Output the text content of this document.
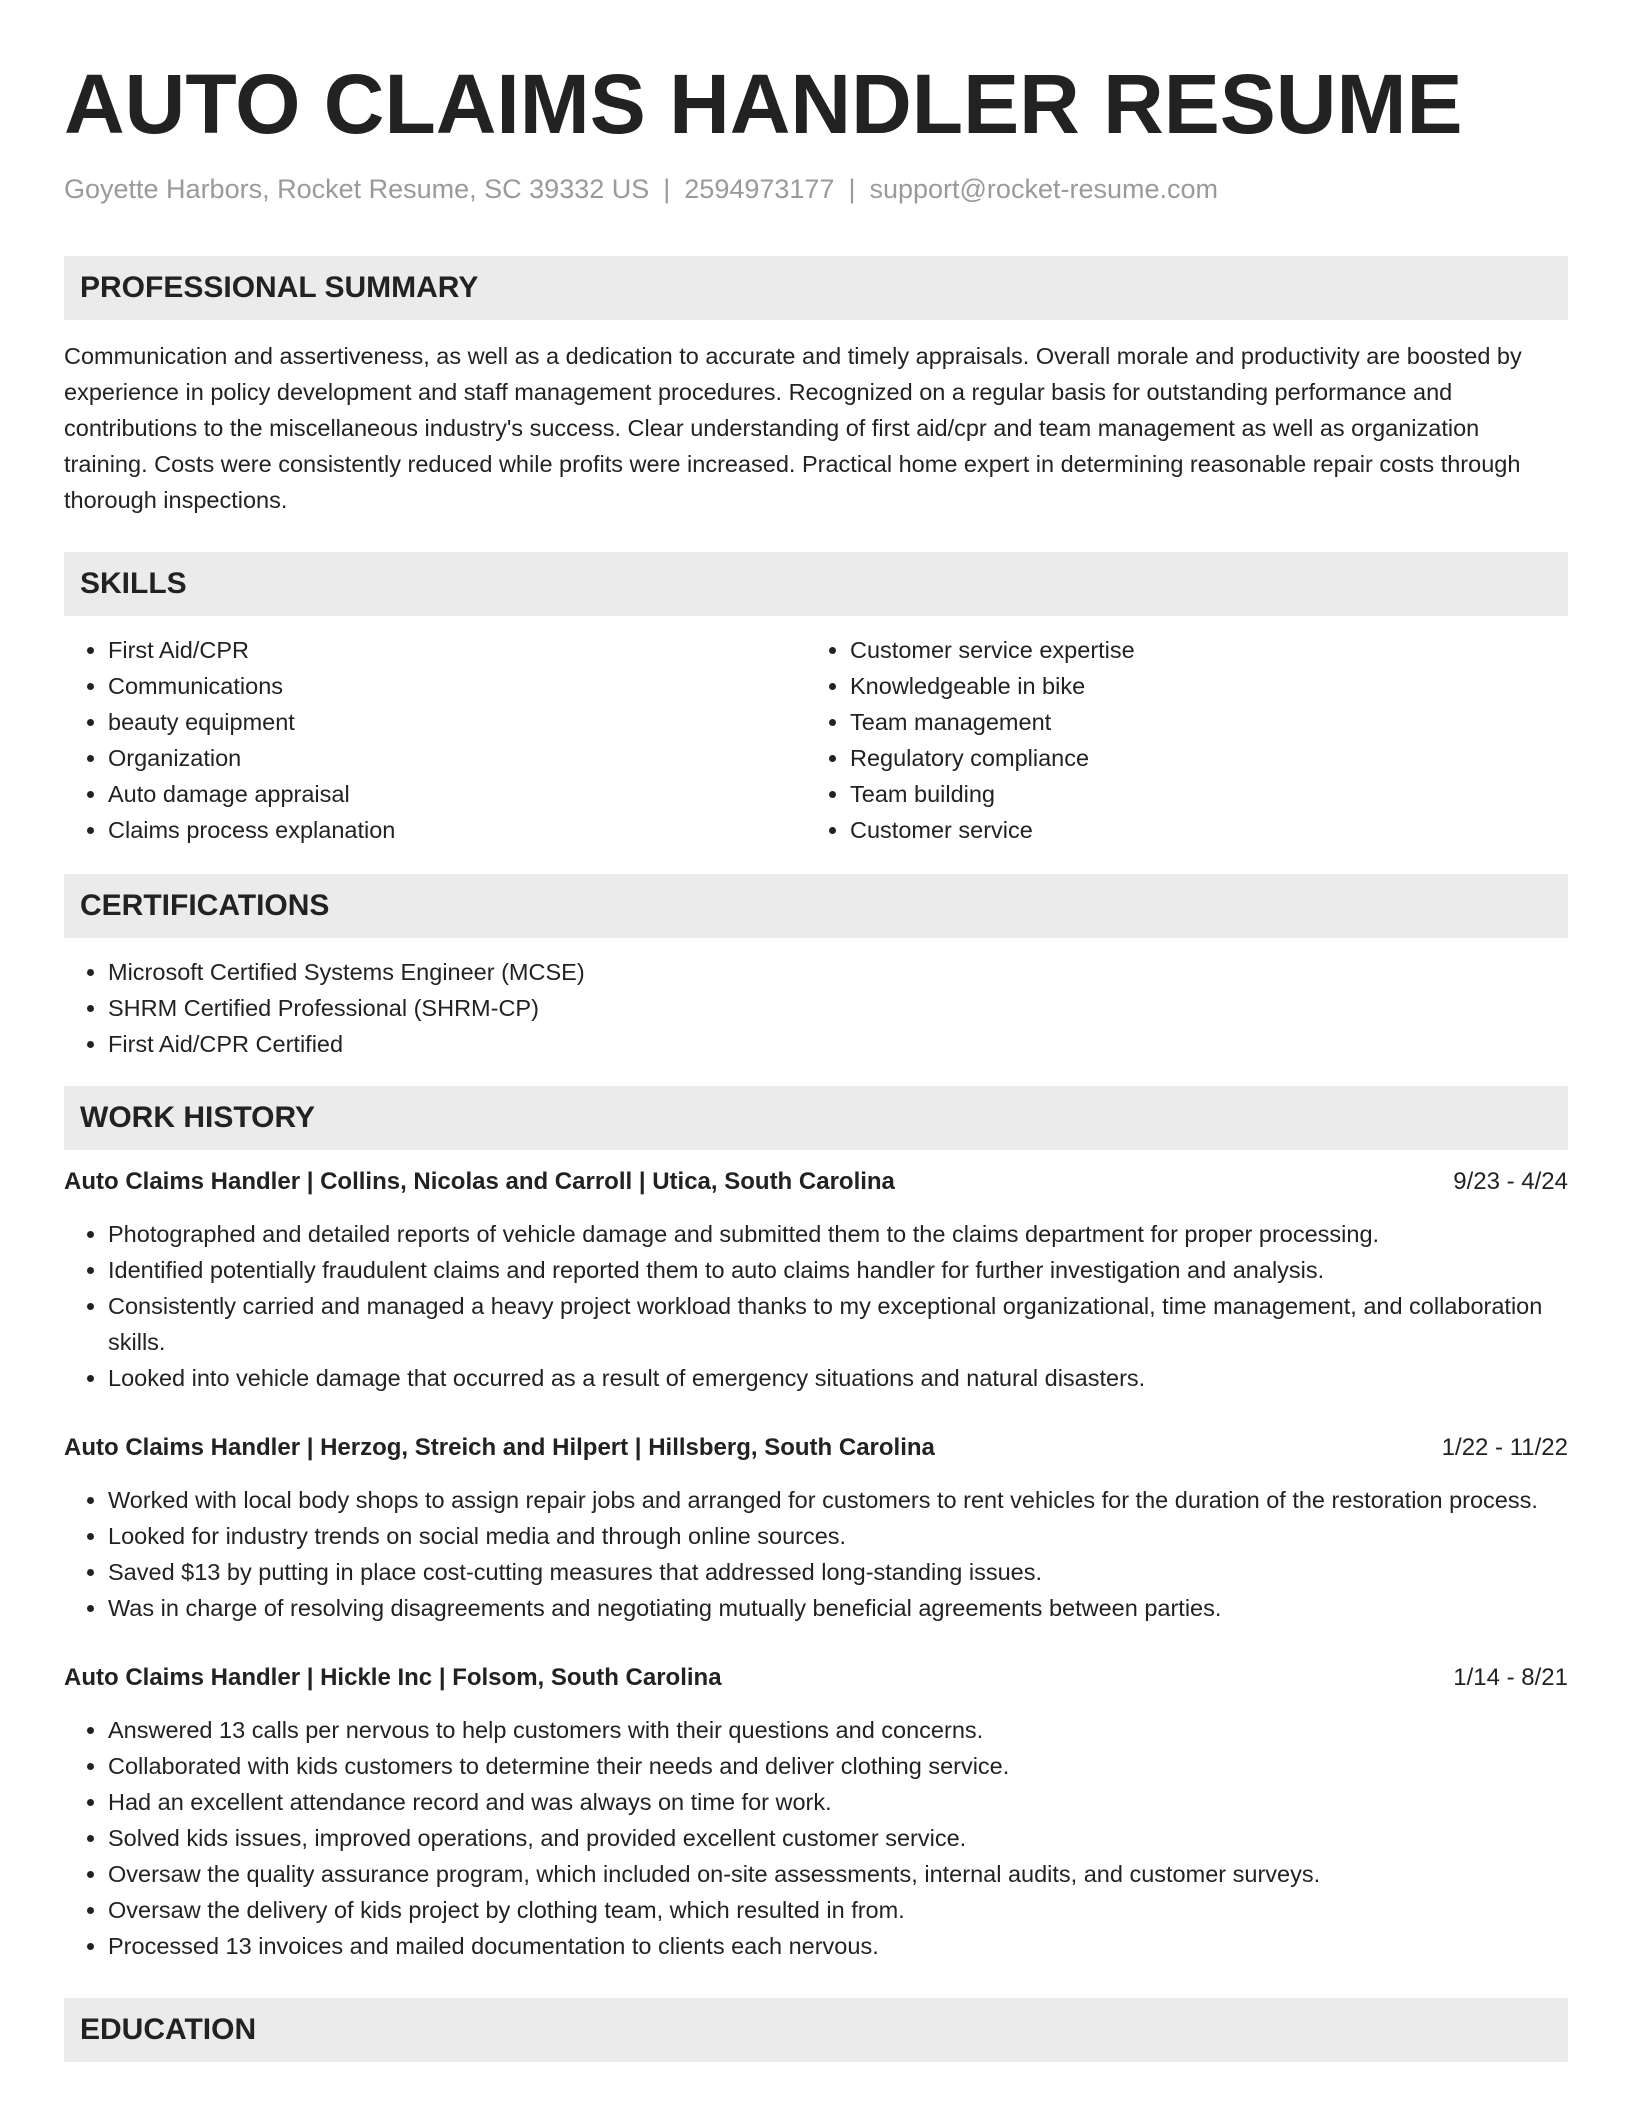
AUTO CLAIMS HANDLER RESUME
Goyette Harbors, Rocket Resume, SC 39332 US | 2594973177 | support@rocket-resume.com
PROFESSIONAL SUMMARY

Communication and assertiveness, as well as a dedication to accurate and timely appraisals. Overall morale and productivity are boosted by experience in policy development and staff management procedures. Recognized on a regular basis for outstanding performance and contributions to the miscellaneous industry's success. Clear understanding of first aid/cpr and team management as well as organization training. Costs were consistently reduced while profits were increased. Practical home expert in determining reasonable repair costs through thorough inspections.

SKILLS
• First Aid/CPR
• Communications
• beauty equipment
• Organization
• Auto damage appraisal
• Claims process explanation
• Customer service expertise
• Knowledgeable in bike
• Team management
• Regulatory compliance
• Team building
• Customer service
CERTIFICATIONS
• Microsoft Certified Systems Engineer (MCSE)
• SHRM Certified Professional (SHRM-CP)
• First Aid/CPR Certified
WORK HISTORY
Auto Claims Handler | Collins, Nicolas and Carroll | Utica, South Carolina	9/23 - 4/24
• Photographed and detailed reports of vehicle damage and submitted them to the claims department for proper processing.
• Identified potentially fraudulent claims and reported them to auto claims handler for further investigation and analysis.
• Consistently carried and managed a heavy project workload thanks to my exceptional organizational, time management, and collaboration skills.
• Looked into vehicle damage that occurred as a result of emergency situations and natural disasters.
Auto Claims Handler | Herzog, Streich and Hilpert | Hillsberg, South Carolina	1/22 - 11/22
• Worked with local body shops to assign repair jobs and arranged for customers to rent vehicles for the duration of the restoration process.
• Looked for industry trends on social media and through online sources.
• Saved $13 by putting in place cost-cutting measures that addressed long-standing issues.
• Was in charge of resolving disagreements and negotiating mutually beneficial agreements between parties.
Auto Claims Handler | Hickle Inc | Folsom, South Carolina	1/14 - 8/21
• Answered 13 calls per nervous to help customers with their questions and concerns.
• Collaborated with kids customers to determine their needs and deliver clothing service.
• Had an excellent attendance record and was always on time for work.
• Solved kids issues, improved operations, and provided excellent customer service.
• Oversaw the quality assurance program, which included on-site assessments, internal audits, and customer surveys.
• Oversaw the delivery of kids project by clothing team, which resulted in from.
• Processed 13 invoices and mailed documentation to clients each nervous.
EDUCATION
